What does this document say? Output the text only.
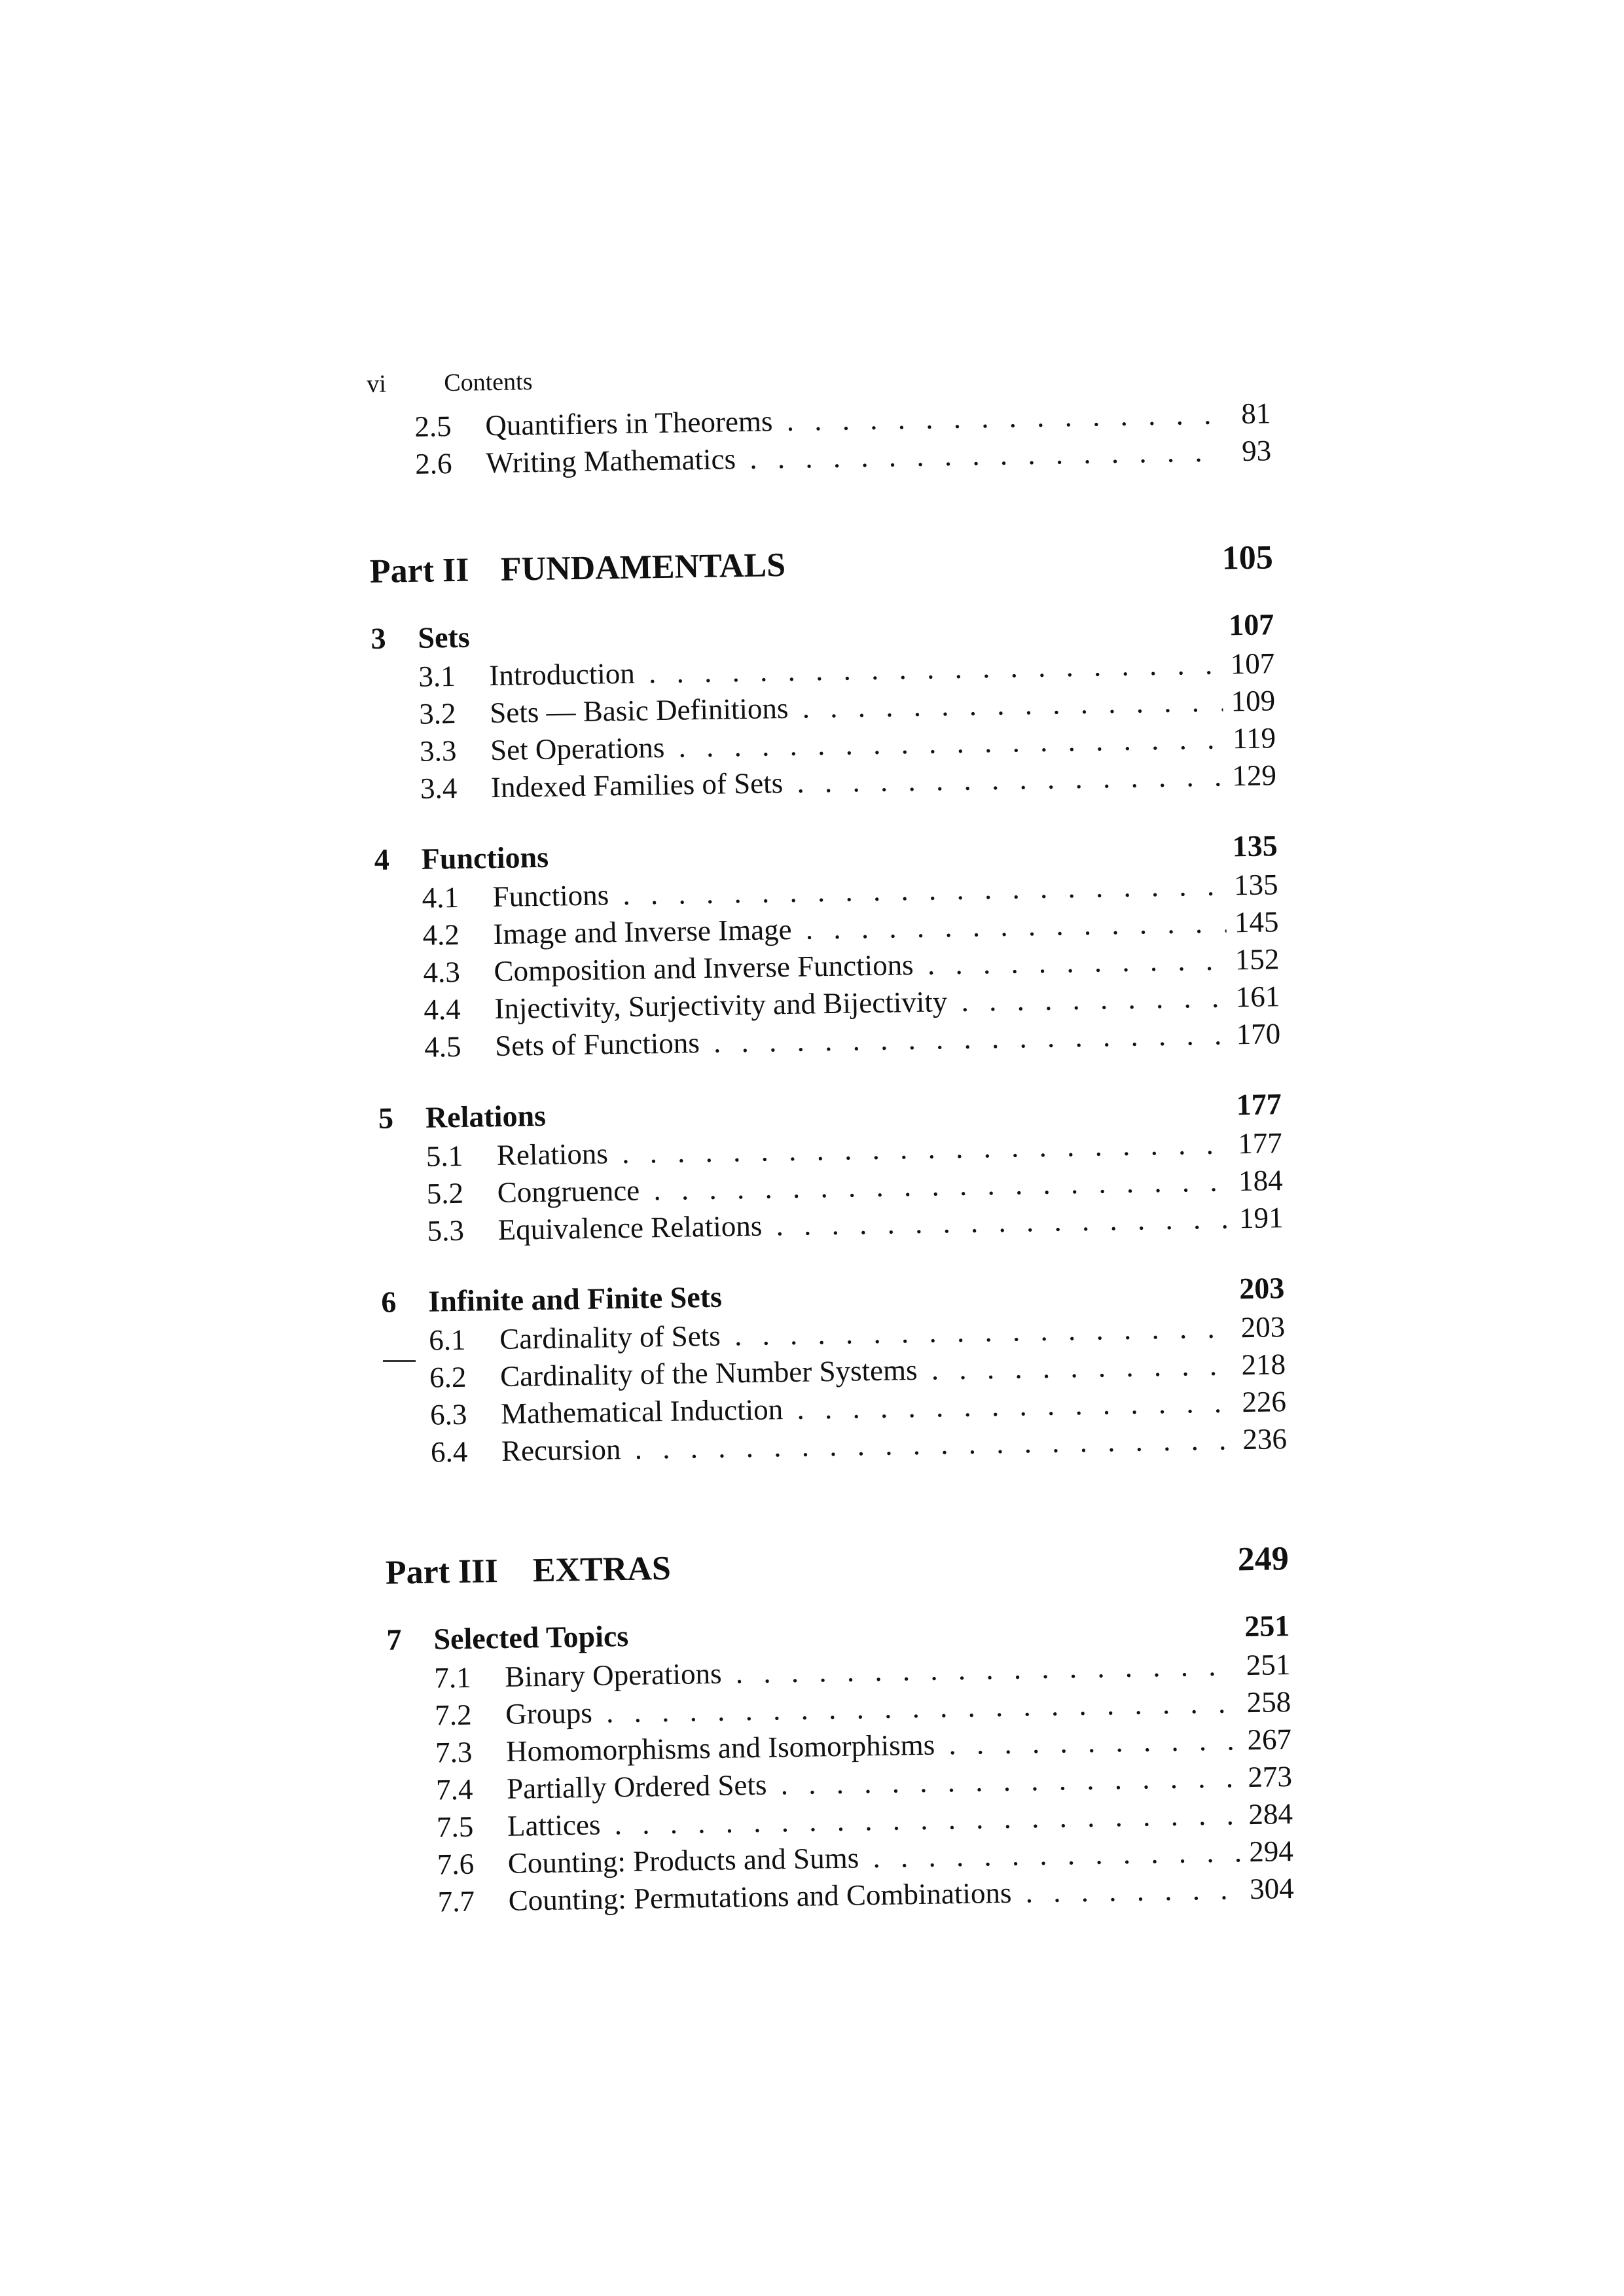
vi Contents
2.5 Quantifiers in Theorems . . .	81
2.6 Writing Mathematics . . .	93
Part II FUNDAMENTALS	105
3 Sets	107
3.1 Introduction . . .	107
3.2 Sets — Basic Definitions . . .	109
3.3 Set Operations . . .	119
3.4 Indexed Families of Sets . . .	129
4 Functions	135
4.1 Functions . . .	135
4.2 Image and Inverse Image . . .	145
4.3 Composition and Inverse Functions . . .	152
4.4 Injectivity, Surjectivity and Bijectivity . . .	161
4.5 Sets of Functions . . .	170
5 Relations	177
5.1 Relations . . .	177
5.2 Congruence . . .	184
5.3 Equivalence Relations . . .	191
6 Infinite and Finite Sets	203
6.1 Cardinality of Sets . . .	203
6.2 Cardinality of the Number Systems . . .	218
6.3 Mathematical Induction . . .	226
6.4 Recursion . . .	236
Part III EXTRAS	249
7 Selected Topics	251
7.1 Binary Operations . . .	251
7.2 Groups . . .	258
7.3 Homomorphisms and Isomorphisms . . .	267
7.4 Partially Ordered Sets . . .	273
7.5 Lattices . . .	284
7.6 Counting: Products and Sums . . .	294
7.7 Counting: Permutations and Combinations . . .	304
